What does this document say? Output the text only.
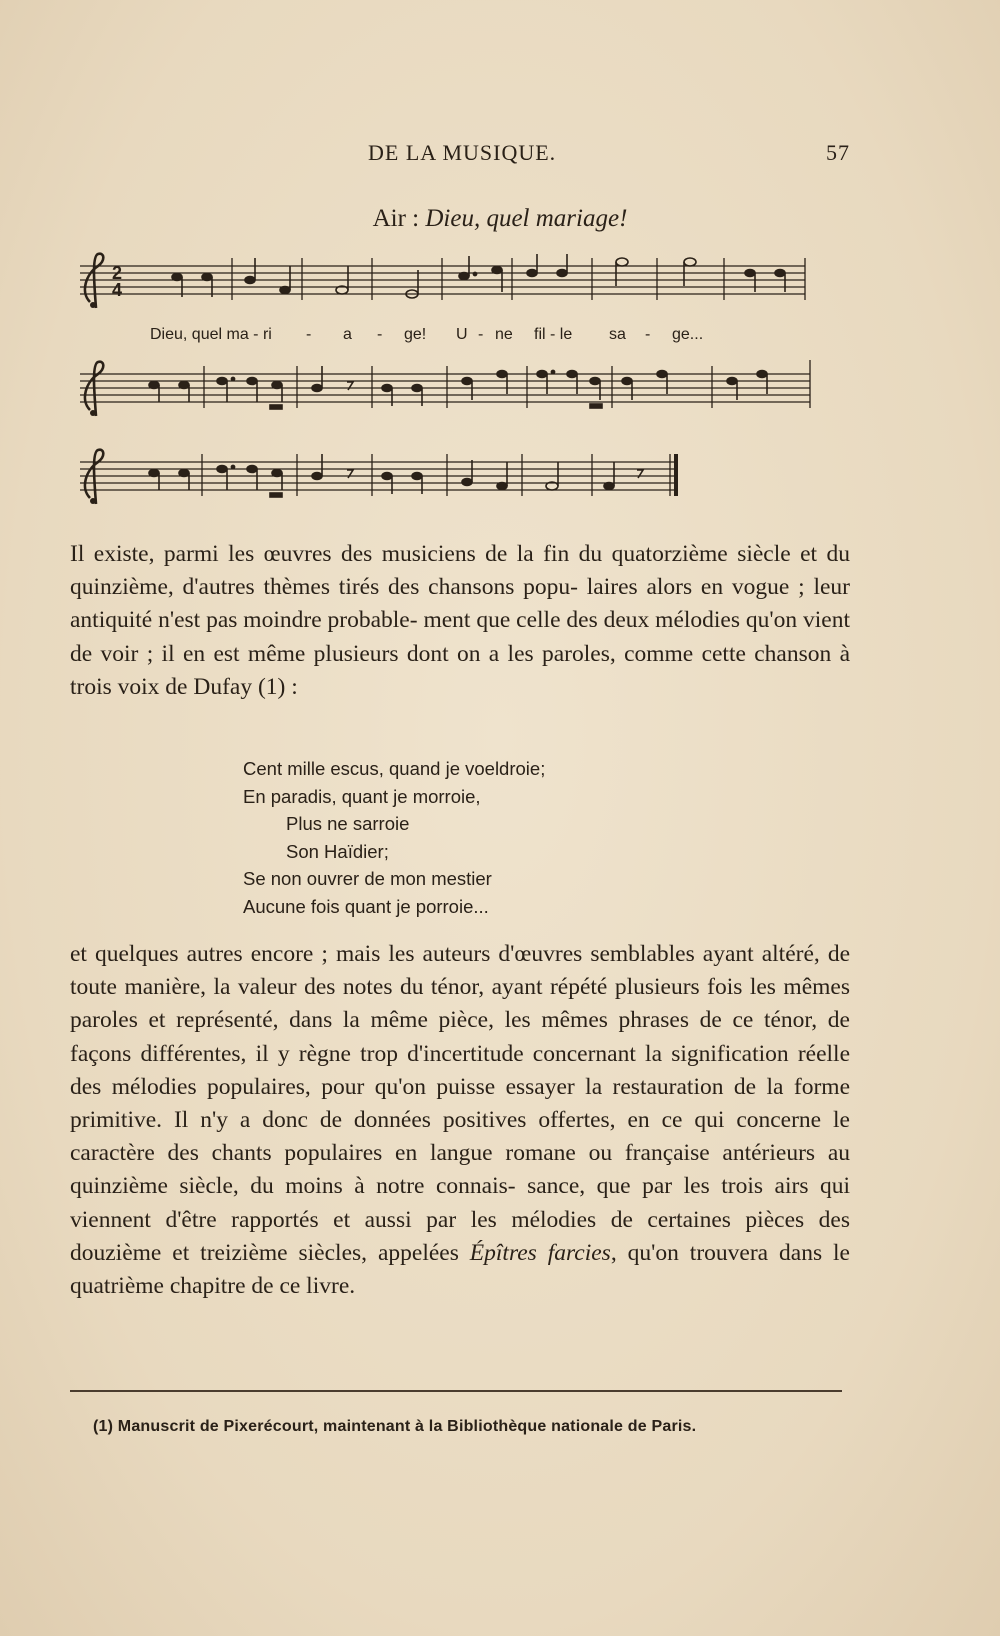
DE LA MUSIQUE.	57
Air : Dieu, quel mariage!
2
4
Dieu, quel ma - ri - a - ge! U - ne fil - le sa - ge...

Il existe, parmi les œuvres des musiciens de la fin du quatorzième siècle et du quinzième, d'autres thèmes tirés des chansons popu- laires alors en vogue ; leur antiquité n'est pas moindre probable- ment que celle des deux mélodies qu'on vient de voir ; il en est même plusieurs dont on a les paroles, comme cette chanson à trois voix de Dufay (1) :

Cent mille escus, quand je voeldroie;
En paradis, quant je morroie,
Plus ne sarroie
Son Haïdier;
Se non ouvrer de mon mestier
Aucune fois quant je porroie...

et quelques autres encore ; mais les auteurs d'œuvres semblables ayant altéré, de toute manière, la valeur des notes du ténor, ayant répété plusieurs fois les mêmes paroles et représenté, dans la même pièce, les mêmes phrases de ce ténor, de façons différentes, il y règne trop d'incertitude concernant la signification réelle des mélodies populaires, pour qu'on puisse essayer la restauration de la forme primitive. Il n'y a donc de données positives offertes, en ce qui concerne le caractère des chants populaires en langue romane ou française antérieurs au quinzième siècle, du moins à notre connais- sance, que par les trois airs qui viennent d'être rapportés et aussi par les mélodies de certaines pièces des douzième et treizième siècles, appelées Épîtres farcies, qu'on trouvera dans le quatrième chapitre de ce livre.

(1) Manuscrit de Pixerécourt, maintenant à la Bibliothèque nationale de Paris.
